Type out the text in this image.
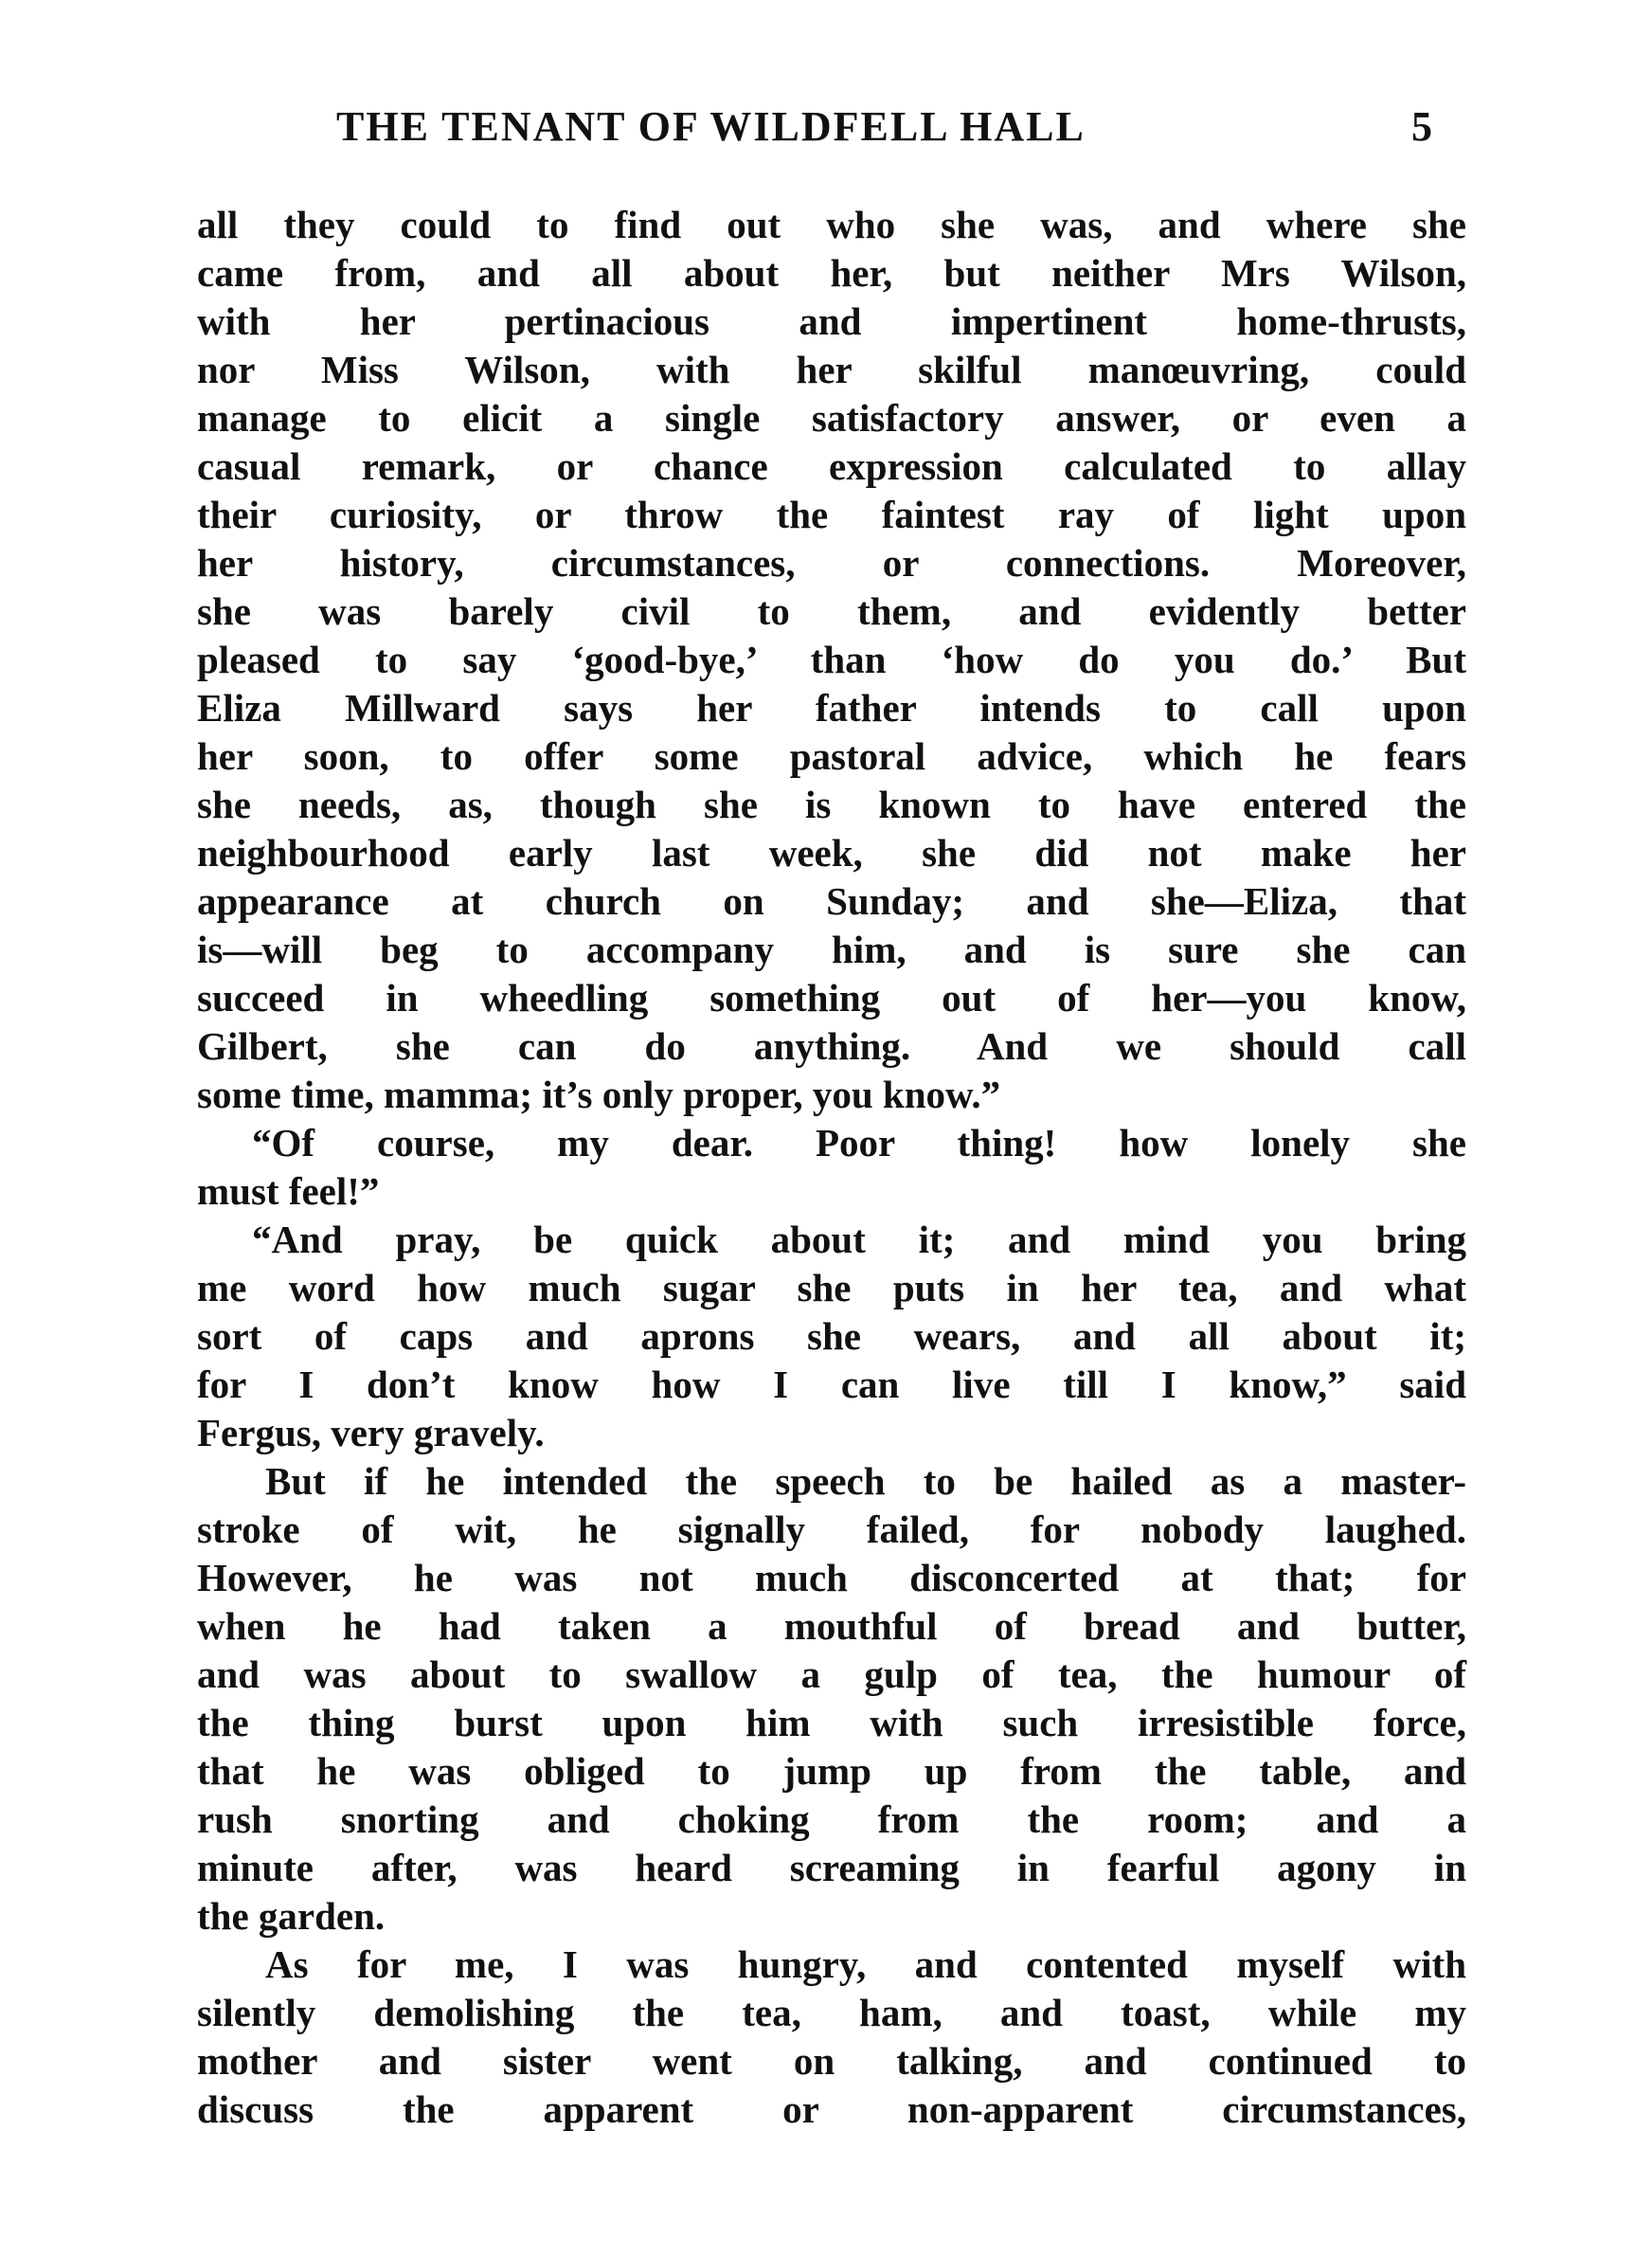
THE TENANT OF WILDFELL HALL	5
all they could to find out who she was, and where she
came from, and all about her, but neither Mrs Wilson,
with her pertinacious and impertinent home-thrusts,
nor Miss Wilson, with her skilful manœuvring, could
manage to elicit a single satisfactory answer, or even a
casual remark, or chance expression calculated to allay
their curiosity, or throw the faintest ray of light upon
her history, circumstances, or connections. Moreover,
she was barely civil to them, and evidently better
pleased to say ‘good-bye,’ than ‘how do you do.’ But
Eliza Millward says her father intends to call upon
her soon, to offer some pastoral advice, which he fears
she needs, as, though she is known to have entered the
neighbourhood early last week, she did not make her
appearance at church on Sunday; and she—Eliza, that
is—will beg to accompany him, and is sure she can
succeed in wheedling something out of her—you know,
Gilbert, she can do anything. And we should call
some time, mamma; it’s only proper, you know.”
“Of course, my dear. Poor thing! how lonely she
must feel!”
“And pray, be quick about it; and mind you bring
me word how much sugar she puts in her tea, and what
sort of caps and aprons she wears, and all about it;
for I don’t know how I can live till I know,” said
Fergus, very gravely.
But if he intended the speech to be hailed as a master-
stroke of wit, he signally failed, for nobody laughed.
However, he was not much disconcerted at that; for
when he had taken a mouthful of bread and butter,
and was about to swallow a gulp of tea, the humour of
the thing burst upon him with such irresistible force,
that he was obliged to jump up from the table, and
rush snorting and choking from the room; and a
minute after, was heard screaming in fearful agony in
the garden.
As for me, I was hungry, and contented myself with
silently demolishing the tea, ham, and toast, while my
mother and sister went on talking, and continued to
discuss the apparent or non-apparent circumstances,
